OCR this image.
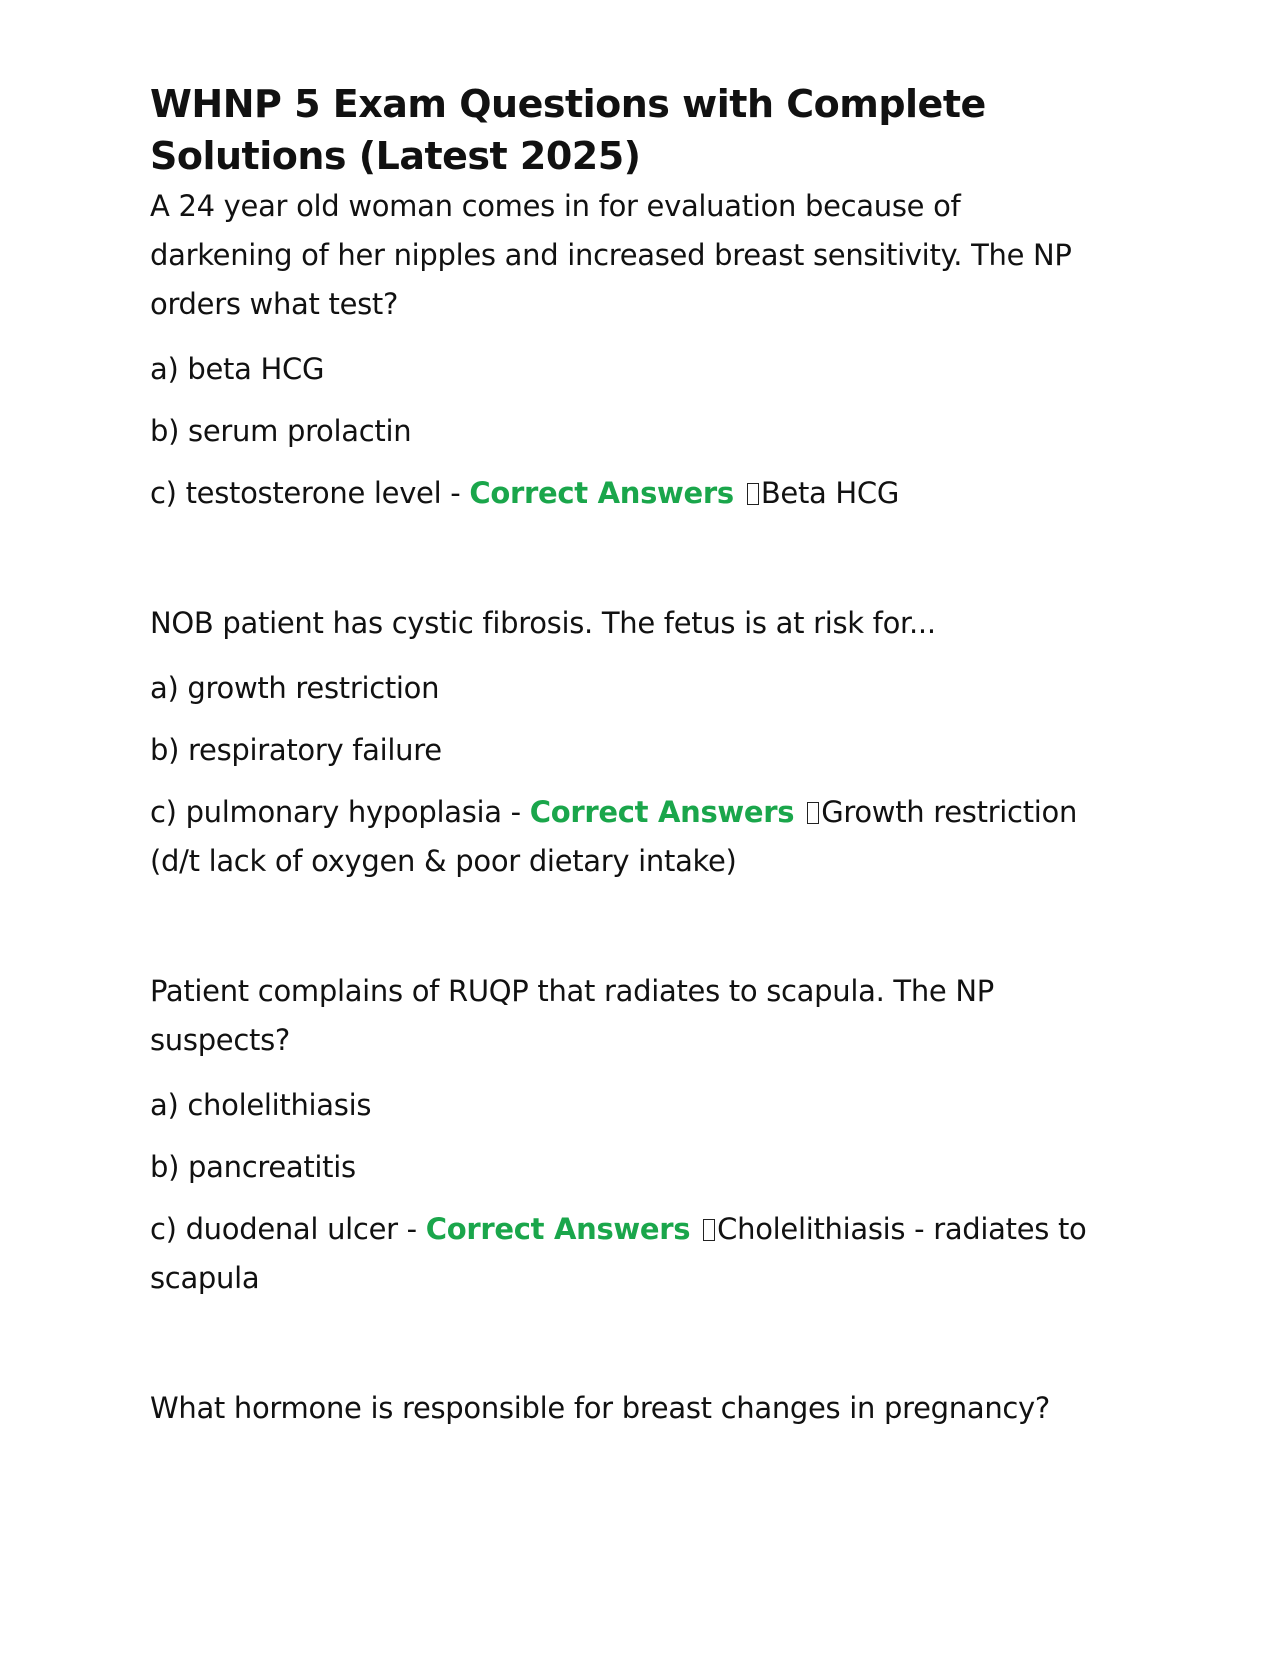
WHNP 5 Exam Questions with Complete Solutions (Latest 2025)

A 24 year old woman comes in for evaluation because of darkening of her nipples and increased breast sensitivity. The NP orders what test?

a) beta HCG

b) serum prolactin

c) testosterone level - Correct Answers Beta HCG

NOB patient has cystic fibrosis. The fetus is at risk for...

a) growth restriction

b) respiratory failure

c) pulmonary hypoplasia - Correct Answers Growth restriction (d/t lack of oxygen & poor dietary intake)

Patient complains of RUQP that radiates to scapula. The NP suspects?

a) cholelithiasis

b) pancreatitis

c) duodenal ulcer - Correct Answers Cholelithiasis - radiates to scapula

What hormone is responsible for breast changes in pregnancy?
